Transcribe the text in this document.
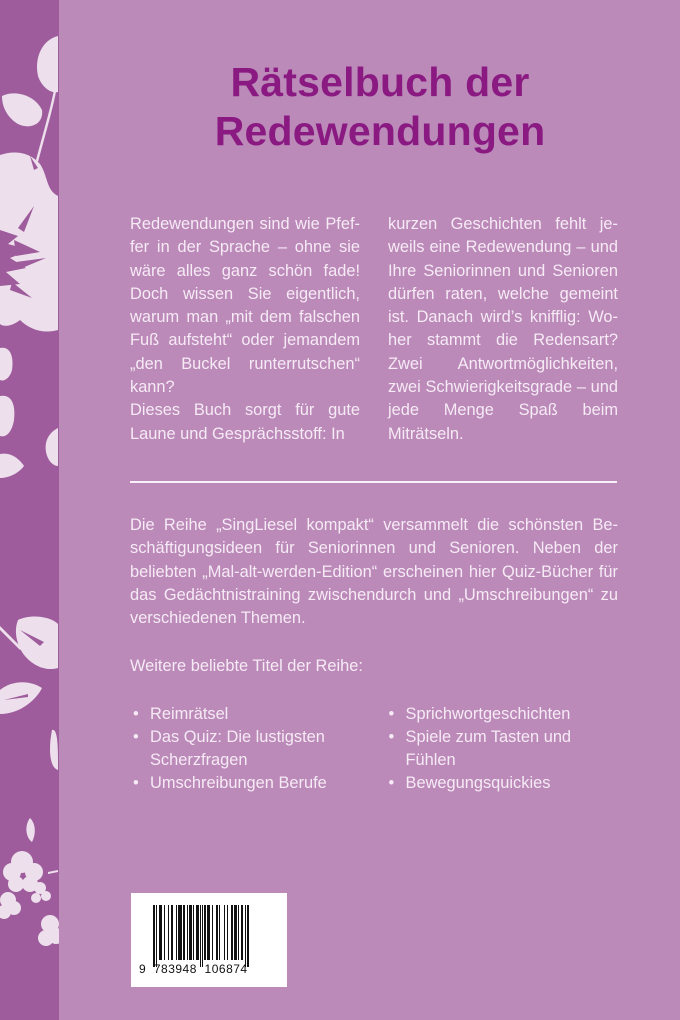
Rätselbuch der
Redewendungen

Redewendungen sind wie Pfeffer in der Sprache – ohne sie wäre alles ganz schön fade! Doch wissen Sie eigentlich, warum man „mit dem falschen Fuß aufsteht“ oder jemandem „den Buckel runterrutschen“ kann?

Dieses Buch sorgt für gute Laune und Gesprächsstoff: In

kurzen Geschichten fehlt jeweils eine Redewendung – und Ihre Seniorinnen und Senioren dürfen raten, welche gemeint ist. Danach wird’s knifflig: Woher stammt die Redensart? Zwei Antwortmöglichkeiten, zwei Schwierigkeitsgrade – und jede Menge Spaß beim Miträtseln.

Die Reihe „SingLiesel kompakt“ versammelt die schönsten Beschäftigungsideen für Seniorinnen und Senioren. Neben der beliebten „Mal-alt-werden-Edition“ erscheinen hier Quiz-Bücher für das Gedächtnistraining zwischendurch und „Umschreibungen“ zu verschiedenen Themen.
Weitere beliebte Titel der Reihe:
• Reimrätsel
• Das Quiz: Die lustigsten Scherzfragen
• Umschreibungen Berufe
• Sprichwortgeschichten
• Spiele zum Tasten und Fühlen
• Bewegungsquickies
9  783948  106874
